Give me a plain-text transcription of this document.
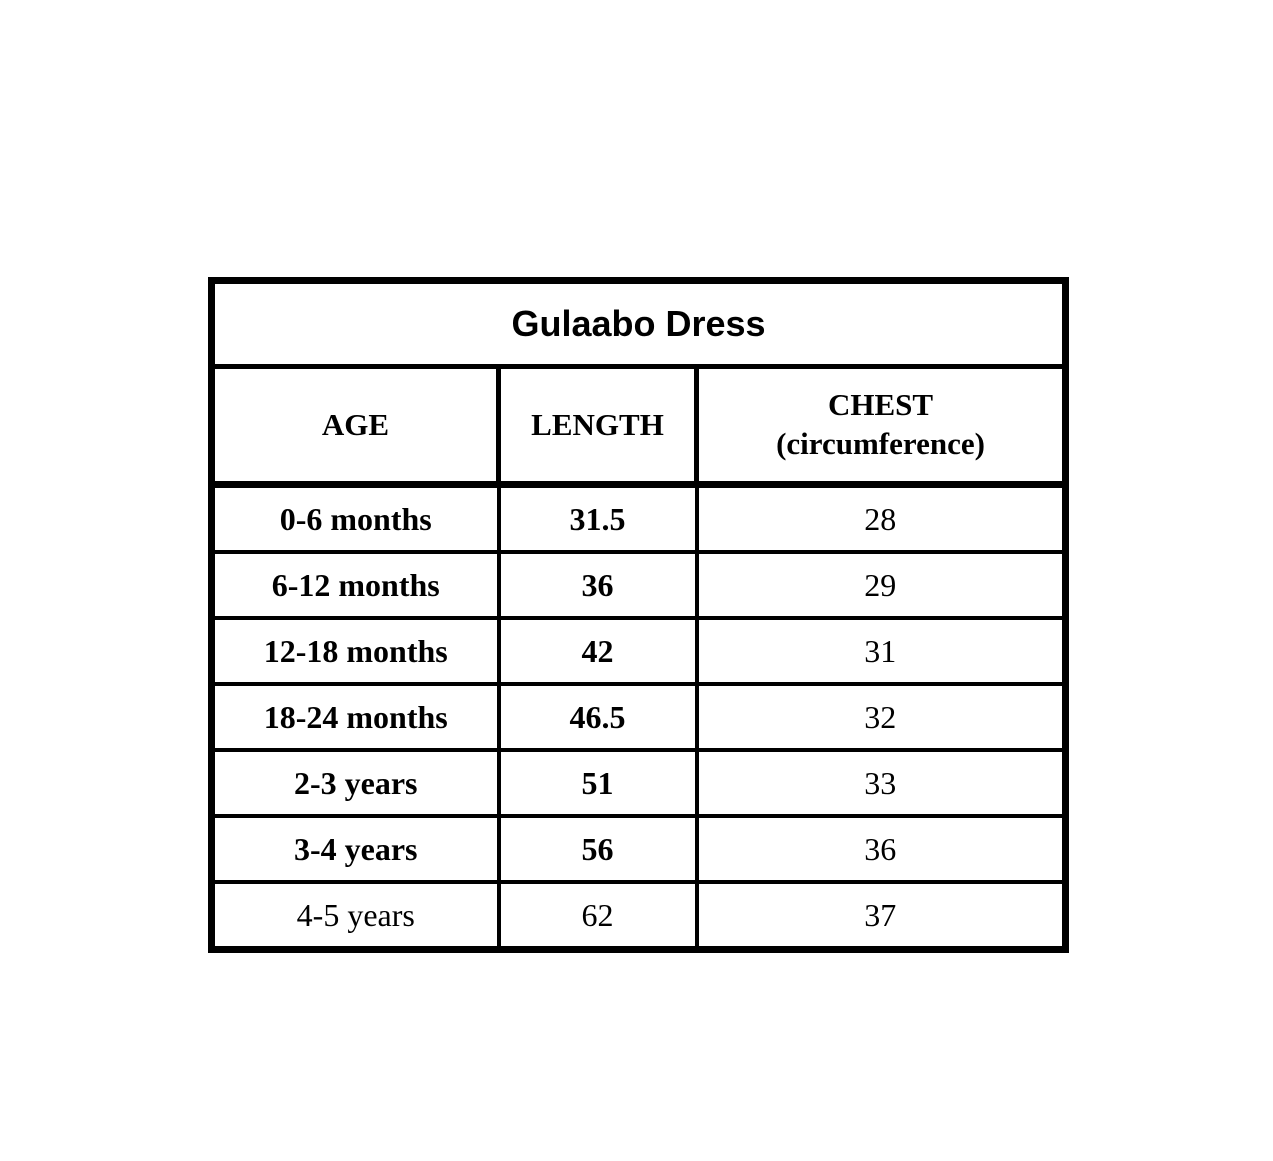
Gulaabo Dress		
AGE	LENGTH	CHEST
(circumference)

0-6 months	31.5	28
6-12 months	36	29
12-18 months	42	31
18-24 months	46.5	32
2-3 years	51	33
3-4 years	56	36
4-5 years	62	37
